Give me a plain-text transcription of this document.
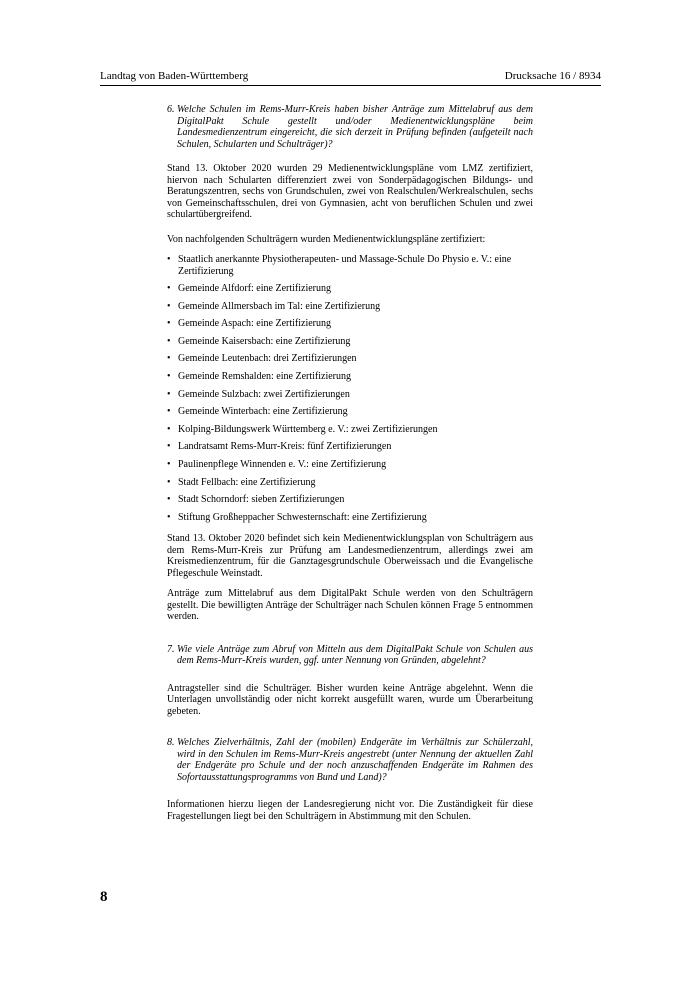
Landtag von Baden-Württemberg	Drucksache 16 / 8934
6. Welche Schulen im Rems-Murr-Kreis haben bisher Anträge zum Mittelabruf aus dem DigitalPakt Schule gestellt und/oder Medienentwicklungspläne beim Landesmedienzentrum eingereicht, die sich derzeit in Prüfung befinden (aufgeteilt nach Schulen, Schularten und Schulträger)?

Stand 13. Oktober 2020 wurden 29 Medienentwicklungspläne vom LMZ zertifiziert, hiervon nach Schularten differenziert zwei von Sonderpädagogischen Bildungs- und Beratungszentren, sechs von Grundschulen, zwei von Realschulen/Werkrealschulen, sechs von Gemeinschaftsschulen, drei von Gymnasien, acht von beruflichen Schulen und zwei schulartübergreifend.

Von nachfolgenden Schulträgern wurden Medienentwicklungspläne zertifiziert:

• Staatlich anerkannte Physiotherapeuten- und Massage-Schule Do Physio e. V.: eine Zertifizierung
• Gemeinde Alfdorf: eine Zertifizierung
• Gemeinde Allmersbach im Tal: eine Zertifizierung
• Gemeinde Aspach: eine Zertifizierung
• Gemeinde Kaisersbach: eine Zertifizierung
• Gemeinde Leutenbach: drei Zertifizierungen
• Gemeinde Remshalden: eine Zertifizierung
• Gemeinde Sulzbach: zwei Zertifizierungen
• Gemeinde Winterbach: eine Zertifizierung
• Kolping-Bildungswerk Württemberg e. V.: zwei Zertifizierungen
• Landratsamt Rems-Murr-Kreis: fünf Zertifizierungen
• Paulinenpflege Winnenden e. V.: eine Zertifizierung
• Stadt Fellbach: eine Zertifizierung
• Stadt Schorndorf: sieben Zertifizierungen
• Stiftung Großheppacher Schwesternschaft: eine Zertifizierung

Stand 13. Oktober 2020 befindet sich kein Medienentwicklungsplan von Schulträgern aus dem Rems-Murr-Kreis zur Prüfung am Landesmedienzentrum, allerdings zwei am Kreismedienzentrum, für die Ganztagesgrundschule Oberweissach und die Evangelische Pflegeschule Weinstadt.

Anträge zum Mittelabruf aus dem DigitalPakt Schule werden von den Schulträgern gestellt. Die bewilligten Anträge der Schulträger nach Schulen können Frage 5 entnommen werden.

7. Wie viele Anträge zum Abruf von Mitteln aus dem DigitalPakt Schule von Schulen aus dem Rems-Murr-Kreis wurden, ggf. unter Nennung von Gründen, abgelehnt?

Antragsteller sind die Schulträger. Bisher wurden keine Anträge abgelehnt. Wenn die Unterlagen unvollständig oder nicht korrekt ausgefüllt waren, wurde um Überarbeitung gebeten.

8. Welches Zielverhältnis, Zahl der (mobilen) Endgeräte im Verhältnis zur Schülerzahl, wird in den Schulen im Rems-Murr-Kreis angestrebt (unter Nennung der aktuellen Zahl der Endgeräte pro Schule und der noch anzuschaffenden Endgeräte im Rahmen des Sofortausstattungsprogramms von Bund und Land)?

Informationen hierzu liegen der Landesregierung nicht vor. Die Zuständigkeit für diese Fragestellungen liegt bei den Schulträgern in Abstimmung mit den Schulen.

8
